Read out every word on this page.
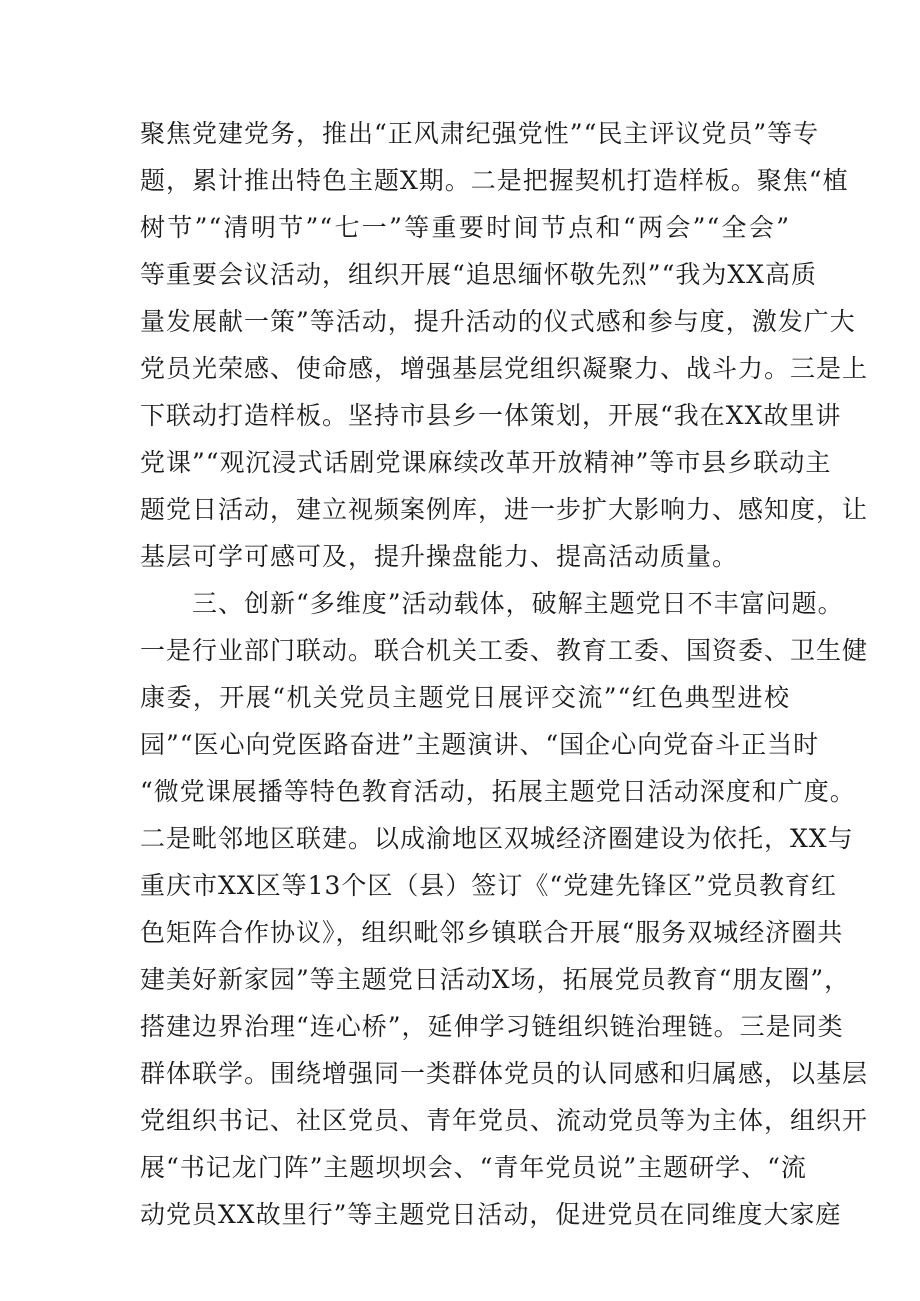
聚焦党建党务，推出“正风肃纪强党性”“民主评议党员”等专
题，累计推出特色主题X期。二是把握契机打造样板。聚焦“植
树节”“清明节”“七一”等重要时间节点和“两会”“全会”
等重要会议活动，组织开展“追思缅怀敬先烈”“我为XX高质
量发展献一策”等活动，提升活动的仪式感和参与度，激发广大
党员光荣感、使命感，增强基层党组织凝聚力、战斗力。三是上
下联动打造样板。坚持市县乡一体策划，开展“我在XX故里讲
党课”“观沉浸式话剧党课麻续改革开放精神”等市县乡联动主
题党日活动，建立视频案例库，进一步扩大影响力、感知度，让
基层可学可感可及，提升操盘能力、提高活动质量。
　　三、创新“多维度”活动载体，破解主题党日不丰富问题。
一是行业部门联动。联合机关工委、教育工委、国资委、卫生健
康委，开展“机关党员主题党日展评交流”“红色典型进校
园”“医心向党医路奋进”主题演讲、“国企心向党奋斗正当时
“微党课展播等特色教育活动，拓展主题党日活动深度和广度。
二是毗邻地区联建。以成渝地区双城经济圈建设为依托，XX与
重庆市XX区等13个区（县）签订《“党建先锋区”党员教育红
色矩阵合作协议》，组织毗邻乡镇联合开展“服务双城经济圈共
建美好新家园”等主题党日活动X场，拓展党员教育“朋友圈”，
搭建边界治理“连心桥”，延伸学习链组织链治理链。三是同类
群体联学。围绕增强同一类群体党员的认同感和归属感，以基层
党组织书记、社区党员、青年党员、流动党员等为主体，组织开
展“书记龙门阵”主题坝坝会、“青年党员说”主题研学、“流
动党员XX故里行”等主题党日活动，促进党员在同维度大家庭
